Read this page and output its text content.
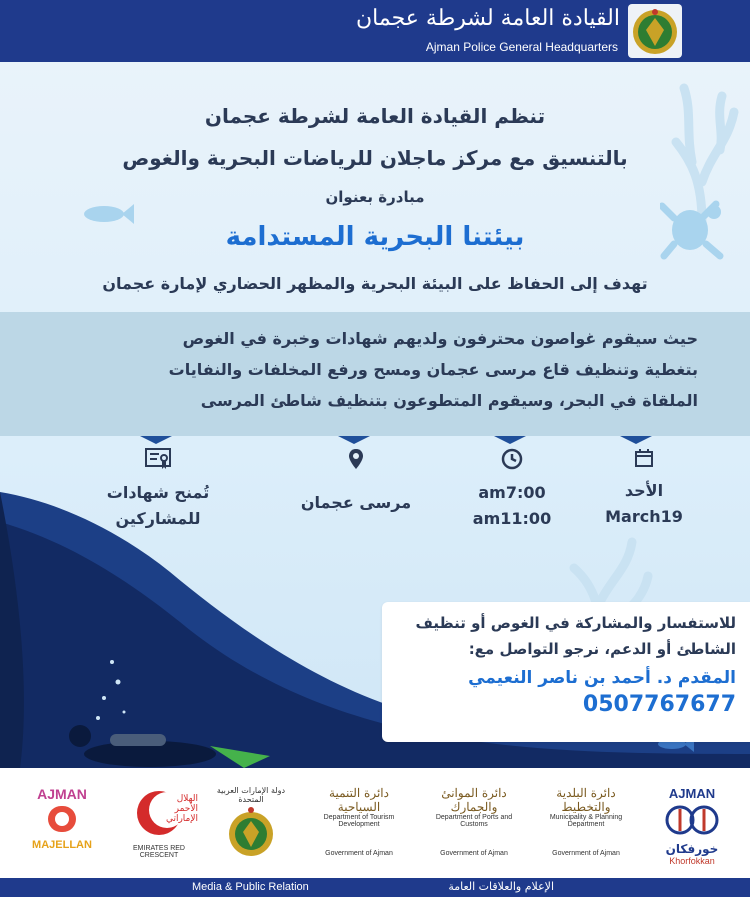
القيادة العامة لشرطة عجمان
Ajman Police General Headquarters
تنظم القيادة العامة لشرطة عجمان
بالتنسيق مع مركز ماجلان للرياضات البحرية والغوص
مبادرة بعنوان
بيئتنا البحرية المستدامة
تهدف إلى الحفاظ على البيئة البحرية والمظهر الحضاري لإمارة عجمان

حيث سيقوم غواصون محترفون ولديهم شهادات وخبرة في الغوص

بتغطية وتنظيف قاع مرسى عجمان ومسح ورفع المخلفات والنفايات

الملقاة في البحر، وسيقوم المتطوعون بتنظيف شاطئ المرسى

الأحد
March19
am7:00
am11:00
مرسى عجمان
تُمنح شهادات
للمشاركين
للاستفسار والمشاركة في الغوص أو تنظيف
الشاطئ أو الدعم، نرجو التواصل مع:
المقدم د. أحمد بن ناصر النعيمي
0507767677
AJMAN
خورفكان
Khorfokkan
دائرة البلدية والتخطيط
Municipality & Planning Department
Government of Ajman
دائرة الموانئ والجمارك
Department of Ports and Customs
Government of Ajman
دائرة التنمية السياحية
Department of Tourism Development
Government of Ajman
دولة الإمارات العربية المتحدة
الهلال الأحمر الإماراتي
EMIRATES RED CRESCENT
AJMAN
MAJELLAN
Media & Public Relation	الإعلام والعلاقات العامة
